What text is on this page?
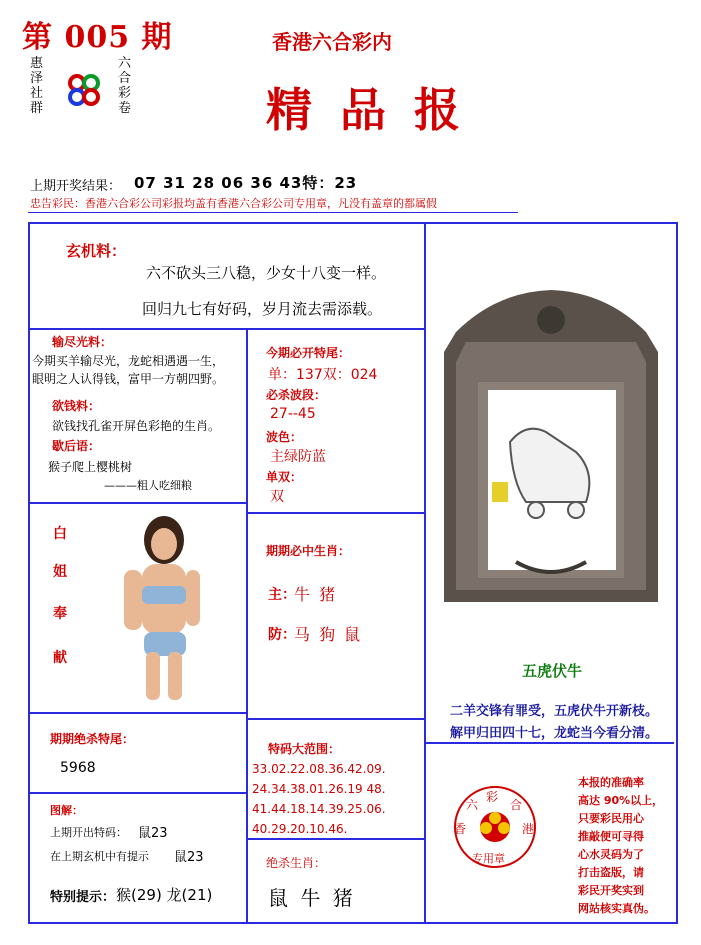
第 005 期	香港六合彩内
精 品 报
惠泽社群
六合彩卷
上期开奖结果： 07 31 28 06 36 43特：23
忠告彩民：香港六合彩公司彩报均盖有香港六合彩公司专用章，凡没有盖章的都属假
玄机料：
六不砍头三八稳，少女十八变一样。
回归九七有好码，岁月流去需添载。
输尽光料：
今期买羊输尽光，龙蛇相遇遇一生，
眼明之人认得钱，富甲一方朝四野。
欲钱料：
欲钱找孔雀开屏色彩艳的生肖。
歇后语：
猴子爬上樱桃树
———粗人吃细粮
今期必开特尾：
单：137双：024
必杀波段：
27--45
波色：
主绿防蓝
单双：
双
白
姐
奉
献
期期必中生肖：
主：
牛 猪
防：
马 狗 鼠
五虎伏牛
二羊交锋有罪受，五虎伏牛开新枝。
解甲归田四十七，龙蛇当今看分清。
期期绝杀特尾：
5968
特码大范围：
33.02.22.08.36.42.09.
24.34.38.01.26.19 48.
41.44.18.14.39.25.06.
40.29.20.10.46.
图解：
上期开出特码： 鼠23
在上期玄机中有提示 鼠23
特别提示： 猴(29) 龙(21)
绝杀生肖：
鼠 牛 猪
六
彩
合
香	港
专用章
本报的准确率
高达 90%以上，
只要彩民用心
推敲便可寻得
心水灵码为了
打击盗版，请
彩民开奖实到
网站核实真伪。
